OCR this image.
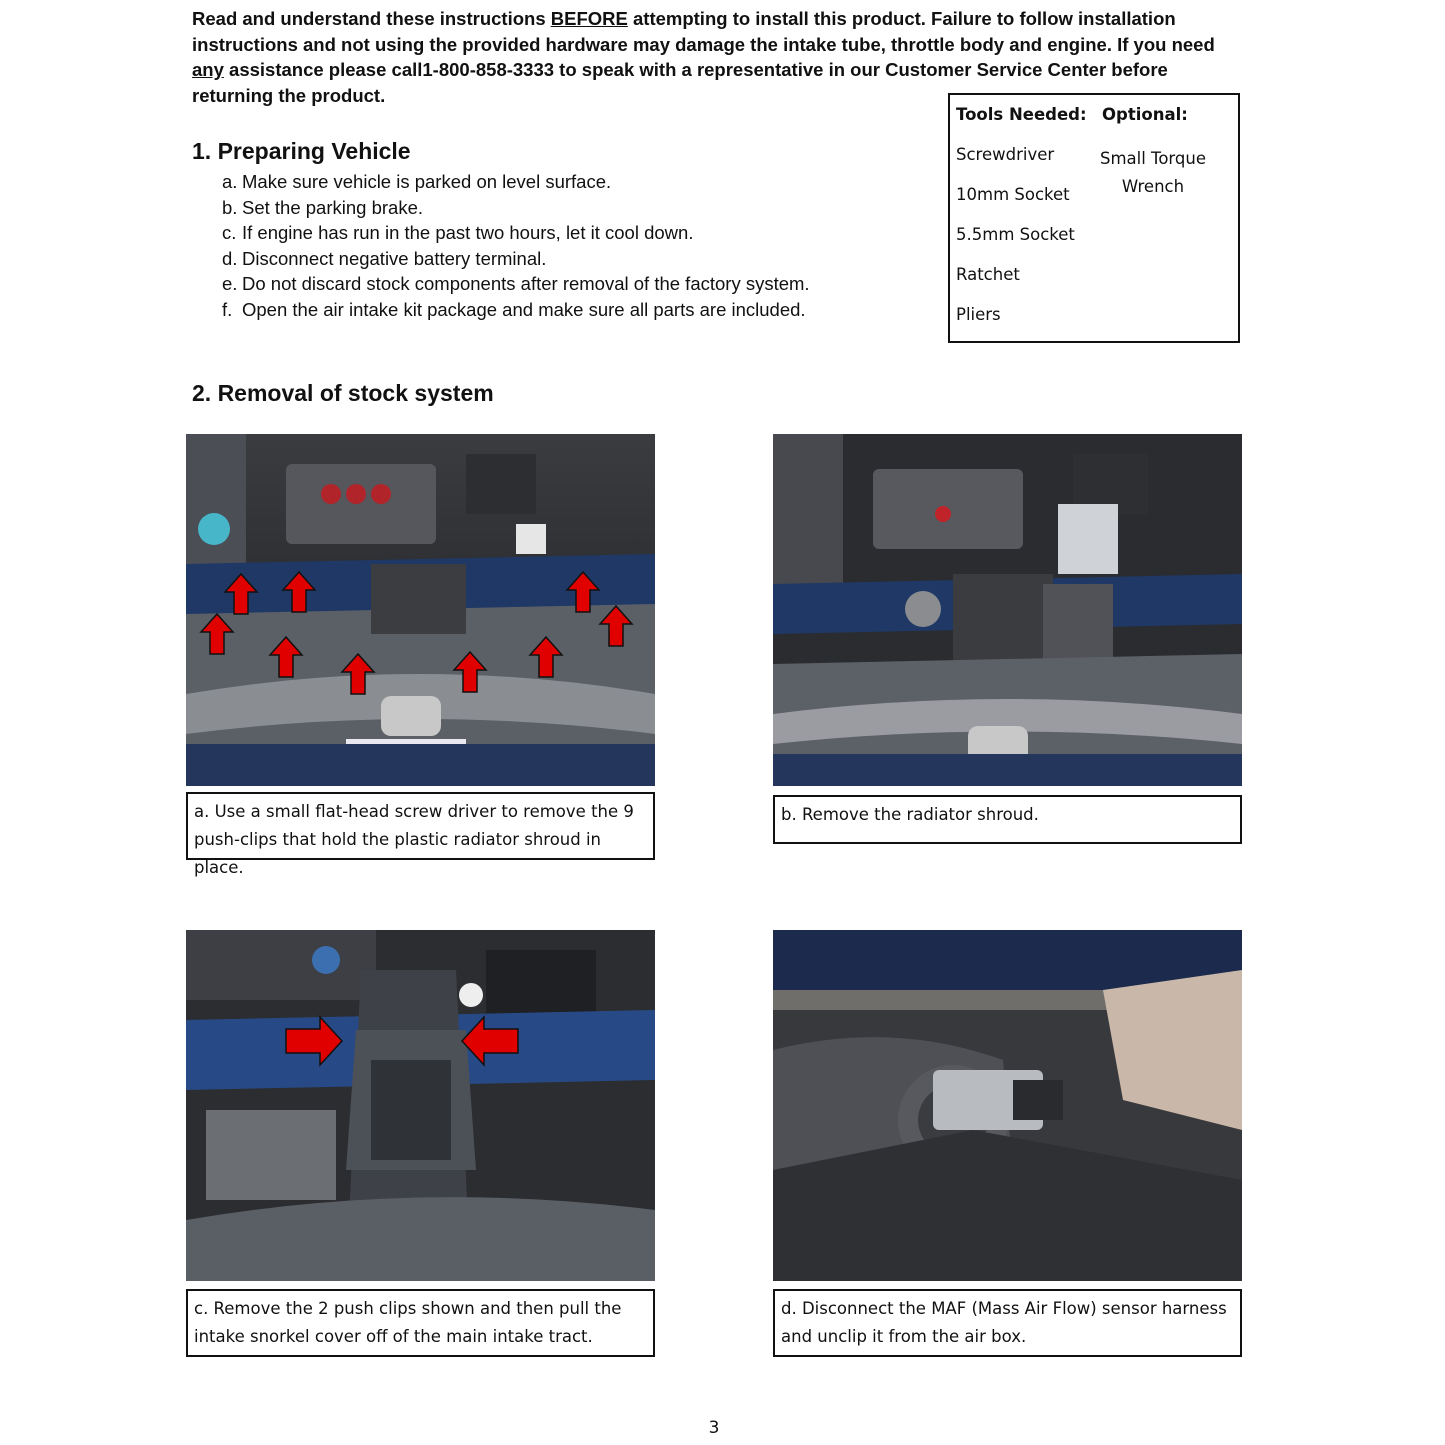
Read and understand these instructions BEFORE attempting to install this product. Failure to follow installation instructions and not using the provided hardware may damage the intake tube, throttle body and engine. If you need any assistance please call1-800-858-3333 to speak with a representative in our Customer Service Center before returning the product.
Tools Needed:
Screwdriver
10mm Socket
5.5mm Socket
Ratchet
Pliers
Optional:
Small Torque
Wrench
1. Preparing Vehicle
a. Make sure vehicle is parked on level surface.
b. Set the parking brake.
c. If engine has run in the past two hours, let it cool down.
d. Disconnect negative battery terminal.
e. Do not discard stock components after removal of the factory system.
f. Open the air intake kit package and make sure all parts are included.
2. Removal of stock system
a. Use a small flat-head screw driver to remove the 9
push-clips that hold the plastic radiator shroud in place.
b. Remove the radiator shroud.
c. Remove the 2 push clips shown and then pull the
intake snorkel cover off of the main intake tract.
d. Disconnect the MAF (Mass Air Flow) sensor harness
and unclip it from the air box.
3
